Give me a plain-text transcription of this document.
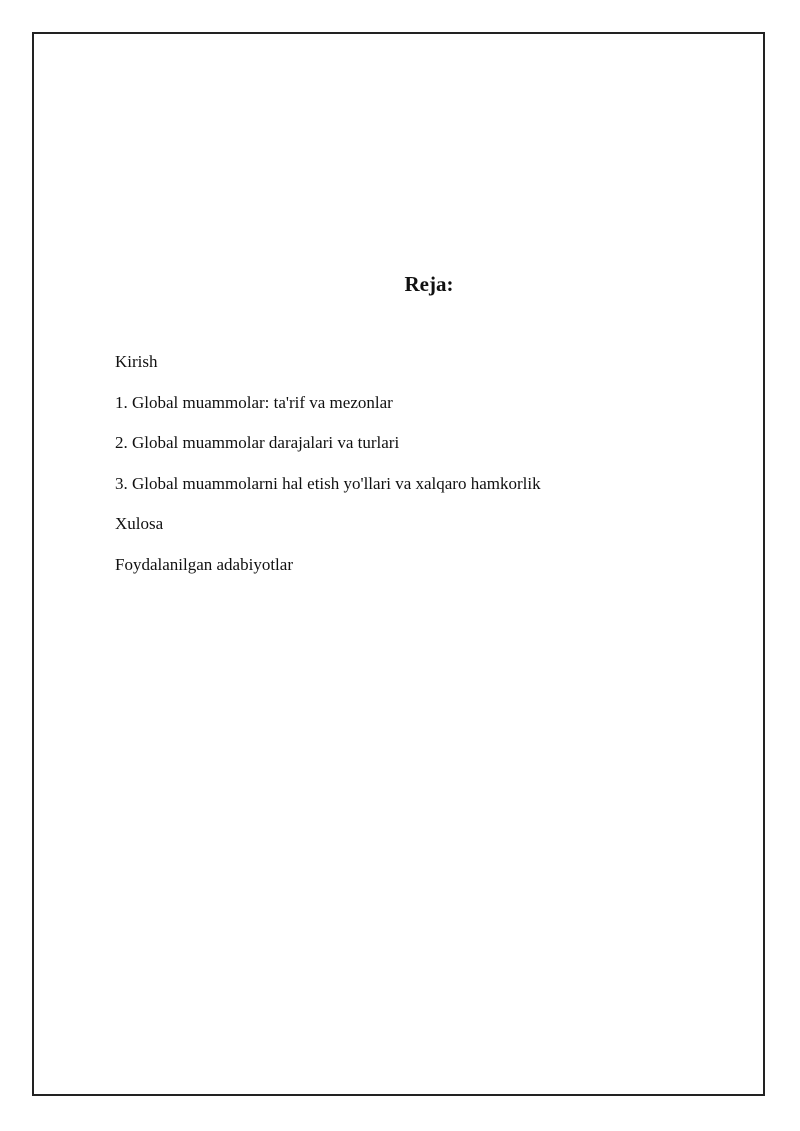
Reja:
Kirish
1. Global muammolar: ta'rif va mezonlar
2. Global muammolar darajalari va turlari
3. Global muammolarni hal etish yo'llari va xalqaro hamkorlik
Xulosa
Foydalanilgan adabiyotlar
